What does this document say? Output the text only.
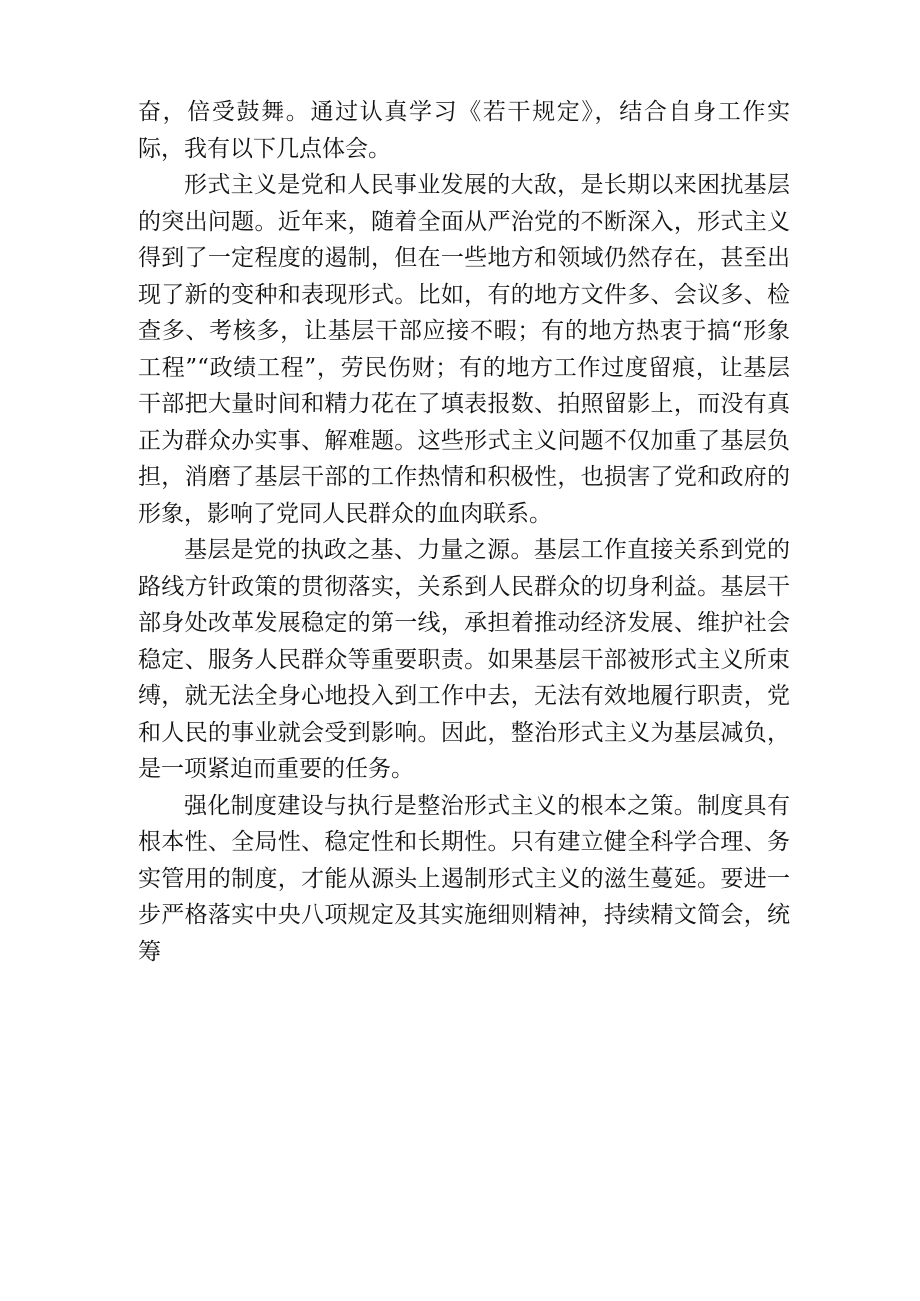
奋，倍受鼓舞。通过认真学习《若干规定》，结合自身工作实际，我有以下几点体会。

形式主义是党和人民事业发展的大敌，是长期以来困扰基层的突出问题。近年来，随着全面从严治党的不断深入，形式主义得到了一定程度的遏制，但在一些地方和领域仍然存在，甚至出现了新的变种和表现形式。比如，有的地方文件多、会议多、检查多、考核多，让基层干部应接不暇；有的地方热衷于搞“形象工程”“政绩工程”，劳民伤财；有的地方工作过度留痕，让基层干部把大量时间和精力花在了填表报数、拍照留影上，而没有真正为群众办实事、解难题。这些形式主义问题不仅加重了基层负担，消磨了基层干部的工作热情和积极性，也损害了党和政府的形象，影响了党同人民群众的血肉联系。

基层是党的执政之基、力量之源。基层工作直接关系到党的路线方针政策的贯彻落实，关系到人民群众的切身利益。基层干部身处改革发展稳定的第一线，承担着推动经济发展、维护社会稳定、服务人民群众等重要职责。如果基层干部被形式主义所束缚，就无法全身心地投入到工作中去，无法有效地履行职责，党和人民的事业就会受到影响。因此，整治形式主义为基层减负，是一项紧迫而重要的任务。

强化制度建设与执行是整治形式主义的根本之策。制度具有根本性、全局性、稳定性和长期性。只有建立健全科学合理、务实管用的制度，才能从源头上遏制形式主义的滋生蔓延。要进一步严格落实中央八项规定及其实施细则精神，持续精文简会，统筹
